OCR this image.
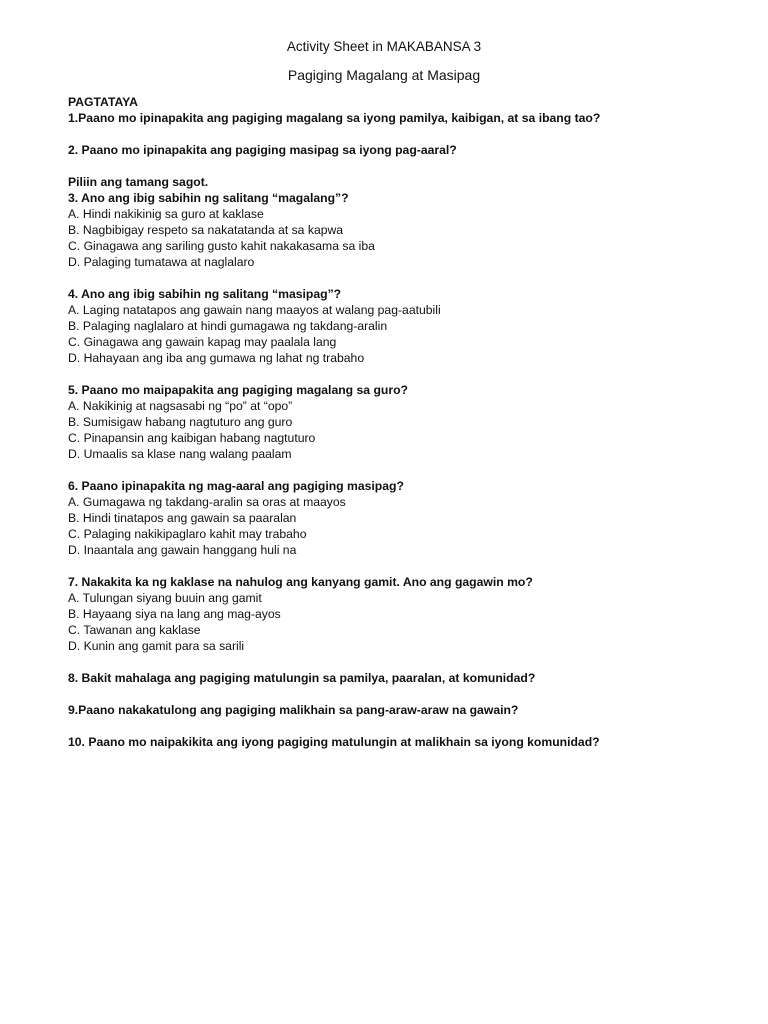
Activity Sheet in MAKABANSA 3
Pagiging Magalang at Masipag
PAGTATAYA
1.Paano mo ipinapakita ang pagiging magalang sa iyong pamilya, kaibigan, at sa ibang tao?
2. Paano mo ipinapakita ang pagiging masipag sa iyong pag-aaral?
Piliin ang tamang sagot.
3. Ano ang ibig sabihin ng salitang “magalang”?
A. Hindi nakikinig sa guro at kaklase
B. Nagbibigay respeto sa nakatatanda at sa kapwa
C. Ginagawa ang sariling gusto kahit nakakasama sa iba
D. Palaging tumatawa at naglalaro
4. Ano ang ibig sabihin ng salitang “masipag”?
A. Laging natatapos ang gawain nang maayos at walang pag-aatubili
B. Palaging naglalaro at hindi gumagawa ng takdang-aralin
C. Ginagawa ang gawain kapag may paalala lang
D. Hahayaan ang iba ang gumawa ng lahat ng trabaho
5. Paano mo maipapakita ang pagiging magalang sa guro?
A. Nakikinig at nagsasabi ng “po” at “opo”
B. Sumisigaw habang nagtuturo ang guro
C. Pinapansin ang kaibigan habang nagtuturo
D. Umaalis sa klase nang walang paalam
6. Paano ipinapakita ng mag-aaral ang pagiging masipag?
A. Gumagawa ng takdang-aralin sa oras at maayos
B. Hindi tinatapos ang gawain sa paaralan
C. Palaging nakikipaglaro kahit may trabaho
D. Inaantala ang gawain hanggang huli na
7. Nakakita ka ng kaklase na nahulog ang kanyang gamit. Ano ang gagawin mo?
A. Tulungan siyang buuin ang gamit
B. Hayaang siya na lang ang mag-ayos
C. Tawanan ang kaklase
D. Kunin ang gamit para sa sarili
8. Bakit mahalaga ang pagiging matulungin sa pamilya, paaralan, at komunidad?
9.Paano nakakatulong ang pagiging malikhain sa pang-araw-araw na gawain?
10. Paano mo naipakikita ang iyong pagiging matulungin at malikhain sa iyong komunidad?
